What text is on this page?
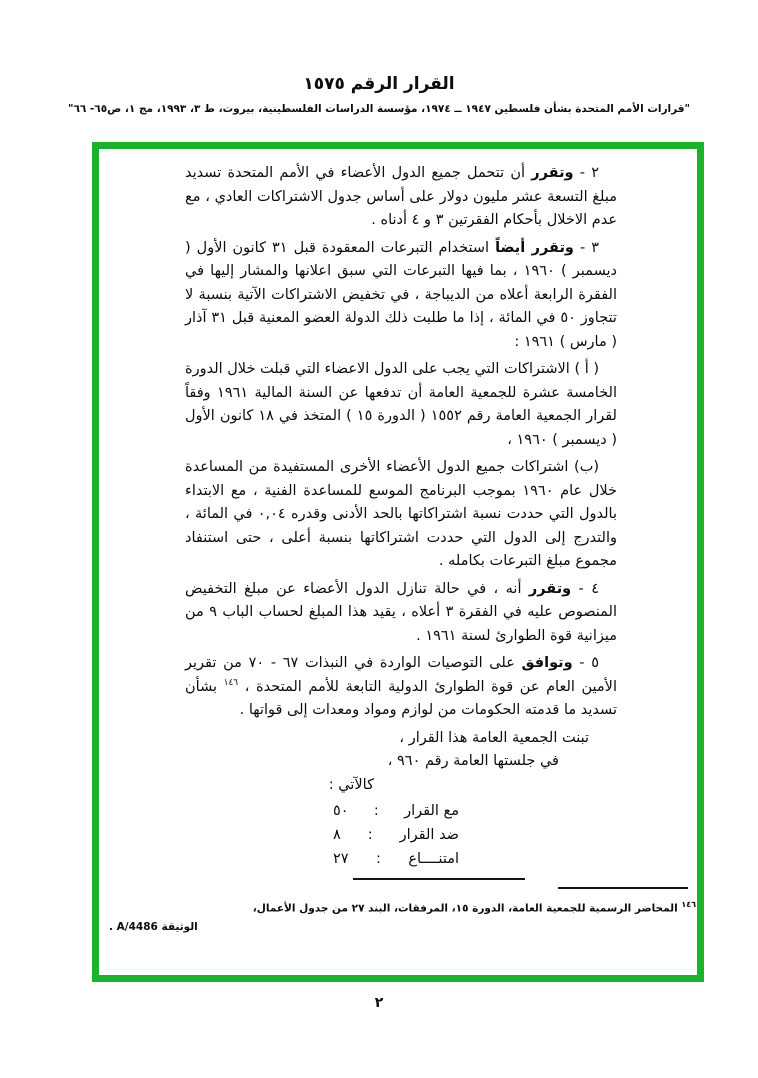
القرار الرقم ١٥٧٥
"قرارات الأمم المتحدة بشأن فلسطين ١٩٤٧ ــ ١٩٧٤، مؤسسة الدراسات الفلسطينية، بيروت، ط ٣، ١٩٩٣، مج ١، ص٦٥- ٦٦"

٢ - وتقرر أن تتحمل جميع الدول الأعضاء في الأمم المتحدة تسديد مبلغ التسعة عشر مليون دولار على أساس جدول الاشتراكات العادي ، مع عدم الاخلال بأحكام الفقرتين ٣ و ٤ أدناه .

٣ - وتقرر أيضاً استخدام التبرعات المعقودة قبل ٣١ كانون الأول ( ديسمبر ) ١٩٦٠ ، بما فيها التبرعات التي سبق اعلانها والمشار إليها في الفقرة الرابعة أعلاه من الديباجة ، في تخفيض الاشتراكات الآتية بنسبة لا تتجاوز ٥٠ في المائة ، إذا ما طلبت ذلك الدولة العضو المعنية قبل ٣١ آذار ( مارس ) ١٩٦١ :

( أ ) الاشتراكات التي يجب على الدول الاعضاء التي قبلت خلال الدورة الخامسة عشرة للجمعية العامة أن تدفعها عن السنة المالية ١٩٦١ وفقاً لقرار الجمعية العامة رقم ١٥٥٢ ( الدورة ١٥ ) المتخذ في ١٨ كانون الأول ( ديسمبر ) ١٩٦٠ ،

(ب) اشتراكات جميع الدول الأعضاء الأخرى المستفيدة من المساعدة خلال عام ١٩٦٠ بموجب البرنامج الموسع للمساعدة الفنية ، مع الابتداء بالدول التي حددت نسبة اشتراكاتها بالحد الأدنى وقدره ٠,٠٤ في المائة ، والتدرج إلى الدول التي حددت اشتراكاتها بنسبة أعلى ، حتى استنفاد مجموع مبلغ التبرعات بكامله .

٤ - وتقرر أنه ، في حالة تنازل الدول الأعضاء عن مبلغ التخفيض المنصوص عليه في الفقرة ٣ أعلاه ، يقيد هذا المبلغ لحساب الباب ٩ من ميزانية قوة الطوارئ لسنة ١٩٦١ .

٥ - وتوافق على التوصيات الواردة في النبذات ٦٧ - ٧٠ من تقرير الأمين العام عن قوة الطوارئ الدولية التابعة للأمم المتحدة ، $^{١٤٦}$ بشأن تسديد ما قدمته الحكومات من لوازم ومواد ومعدات إلى قواتها .

تبنت الجمعية العامة هذا القرار ،
في جلستها العامة رقم ٩٦٠ ،
كالآتي :
مع القرار
:
٥٠
ضد القرار
:
٨
امتنــــاع
:
٢٧
$^{١٤٦}$ المحاضر الرسمية للجمعية العامة، الدورة ١٥، المرفقات، البند ٢٧ من جدول الأعمال،
الوثيقة A/4486 .
٢
